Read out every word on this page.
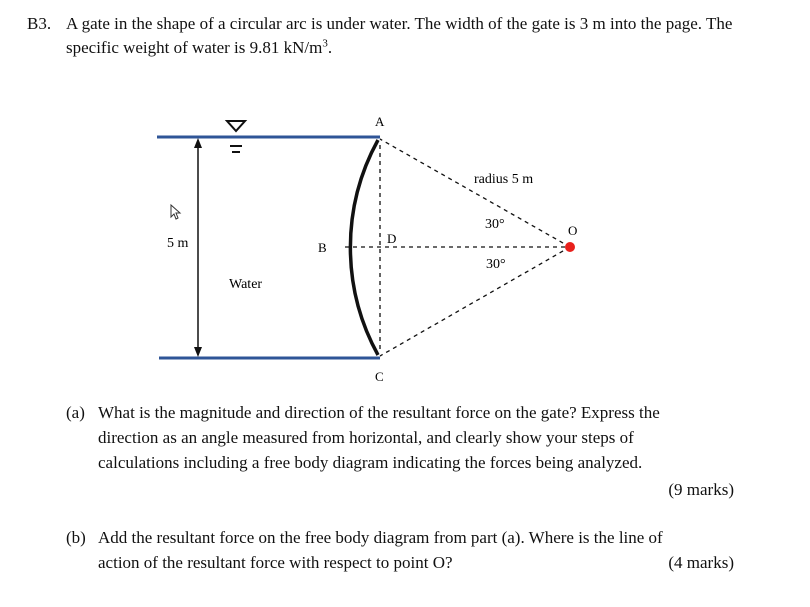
B3. A gate in the shape of a circular arc is under water. The width of the gate is 3 m into the page. The specific weight of water is 9.81 $kN/m^3$.
A
radius 5 m
30°	O
D
B
5 m
30°
Water
C
(a) What is the magnitude and direction of the resultant force on the gate? Express the
direction as an angle measured from horizontal, and clearly show your steps of
calculations including a free body diagram indicating the forces being analyzed.
(9 marks)
(b) Add the resultant force on the free body diagram from part (a). Where is the line of
action of the resultant force with respect to point O?	(4 marks)
